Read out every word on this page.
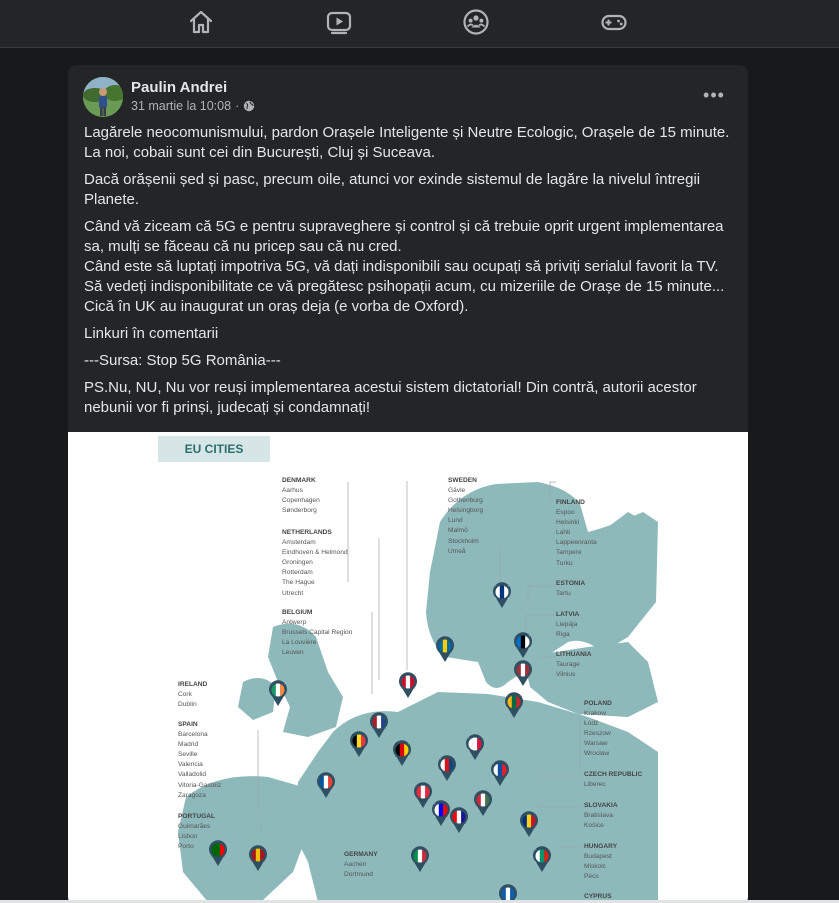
Paulin Andrei
31 martie la 10:08 ·
•••

Lagărele neocomunismului, pardon Orașele Inteligente și Neutre Ecologic, Orașele de 15 minute.
La noi, cobaii sunt cei din București, Cluj și Suceava.

Dacă orășenii șed și pasc, precum oile, atunci vor exinde sistemul de lagăre la nivelul întregii Planete.

Când vă ziceam că 5G e pentru supraveghere și control și că trebuie oprit urgent implementarea sa, mulți se făceau că nu pricep sau că nu cred.
Când este să luptați impotriva 5G, vă dați indisponibili sau ocupați să priviți serialul favorit la TV.
Să vedeți indisponibilitate ce vă pregătesc psihopații acum, cu mizeriile de Orașe de 15 minute...
Cică în UK au inaugurat un oraș deja (e vorba de Oxford).

Linkuri în comentarii

---Sursa: Stop 5G România---

PS.Nu, NU, Nu vor reuși implementarea acestui sistem dictatorial! Din contră, autorii acestor nebunii vor fi prinși, judecați și condamnați!

EU CITIES
DENMARK
Aarhus
Copenhagen
Sønderborg
NETHERLANDS
Amsterdam
Eindhoven & Helmond
Groningen
Rotterdam
The Hague
Utrecht
BELGIUM
Antwerp
Brussels Capital Region
La Louvière
Leuven
IRELAND
Cork
Dublin
SPAIN
Barcelona
Madrid
Seville
Valencia
Valladolid
Vitoria-Gasteiz
Zaragoza
PORTUGAL
Guimarães
Lisbon
Porto
GERMANY
Aachen
Dortmund
SWEDEN
Gävle
Gothenburg
Helsingborg
Lund
Malmö
Stockholm
Umeå
FINLAND
Espoo
Helsinki
Lahti
Lappeenranta
Tampere
Turku
ESTONIA
Tartu
LATVIA
Liepāja
Riga
LITHUANIA
Taurage
Vilnius
POLAND
Krakow
Łódź
Rzeszow
Warsaw
Wrocław
CZECH REPUBLIC
Liberec
SLOVAKIA
Bratislava
Košice
HUNGARY
Budapest
Miskolc
Pécs
CYPRUS
